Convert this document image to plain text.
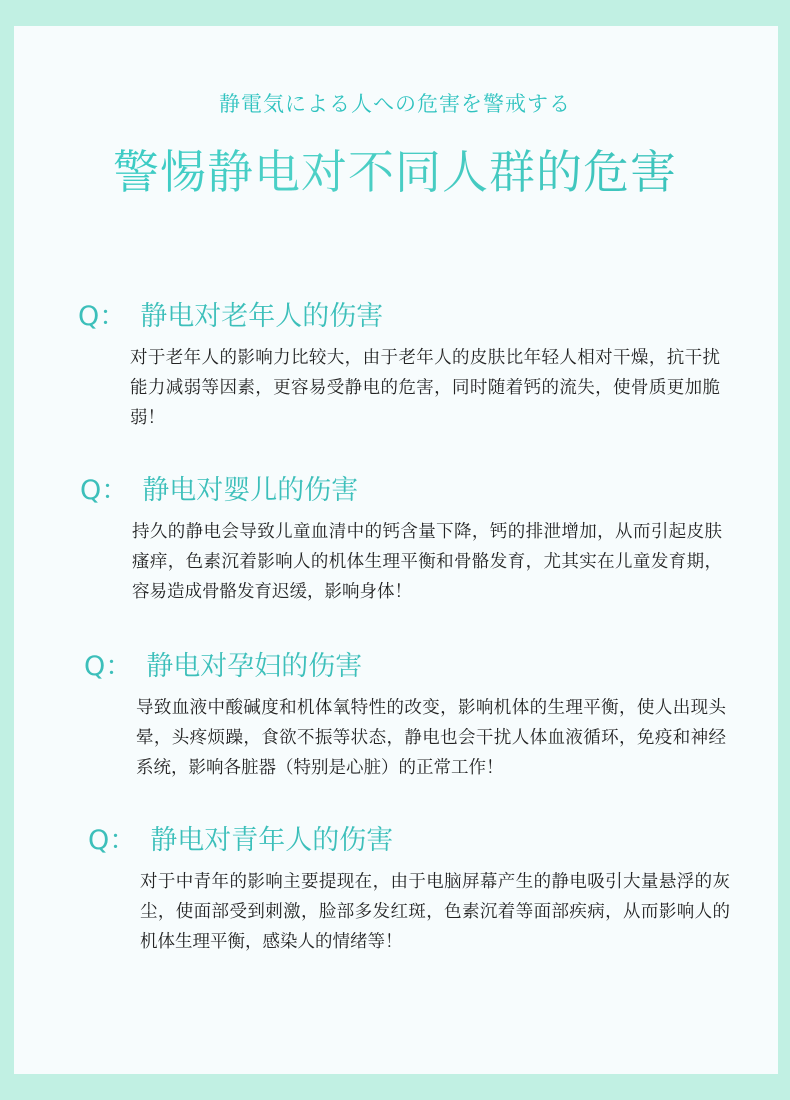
静電気による人への危害を警戒する
警惕静电对不同人群的危害
Q： 静电对老年人的伤害
对于老年人的影响力比较大，由于老年人的皮肤比年轻人相对干燥，抗干扰能力减弱等因素，更容易受静电的危害，同时随着钙的流失，使骨质更加脆弱！
Q： 静电对婴儿的伤害
持久的静电会导致儿童血清中的钙含量下降，钙的排泄增加，从而引起皮肤瘙痒，色素沉着影响人的机体生理平衡和骨骼发育，尤其实在儿童发育期，容易造成骨骼发育迟缓，影响身体！
Q： 静电对孕妇的伤害
导致血液中酸碱度和机体氧特性的改变，影响机体的生理平衡，使人出现头晕，头疼烦躁，食欲不振等状态，静电也会干扰人体血液循环，免疫和神经系统，影响各脏器（特别是心脏）的正常工作！
Q： 静电对青年人的伤害
对于中青年的影响主要提现在，由于电脑屏幕产生的静电吸引大量悬浮的灰尘，使面部受到刺激，脸部多发红斑，色素沉着等面部疾病，从而影响人的机体生理平衡，感染人的情绪等！
